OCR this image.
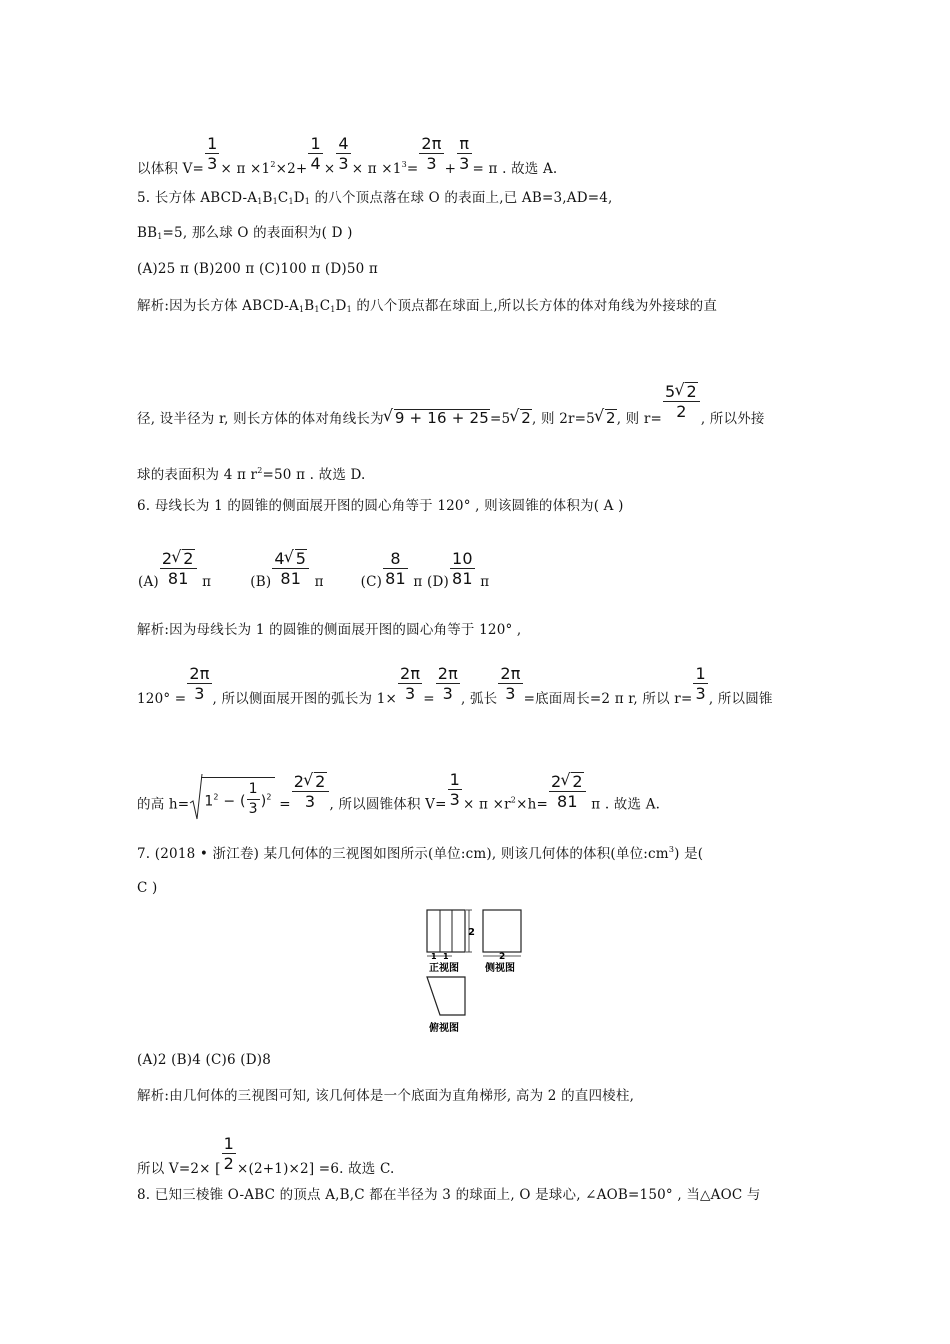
以体积 $V= \frac{1}{3} \times \pi \times 1^2\times 2+ \frac{1}{4} \times \frac{4}{3} \times \pi \times 1^3= \frac{2\pi}{3} + \frac{\pi}{3} = \pi$ . 故选 A.
5. 长方体 ABCD-$A_1B_1C_1D_1$ 的八个顶点落在球 O 的表面上,已 AB=3,AD=4,
$BB_1=5$, 那么球 O 的表面积为( D )
(A)25 π (B)200 π (C)100 π (D)50 π
解析:因为长方体 ABCD-$A_1B_1C_1D_1$ 的八个顶点都在球面上,所以长方体的体对角线为外接球的直
径, 设半径为 r, 则长方体的体对角线长为 √ 9 + 16 + 25=5 √ 2, 则 2r=5 √ 2, 则 $r= \frac{5 √ 2}{2}$ , 所以外接
球的表面积为 4 π $r^2=50$ π . 故选 D.
6. 母线长为 1 的圆锥的侧面展开图的圆心角等于 120° , 则该圆锥的体积为( A )
$(A) \frac{2 √ 2}{81}$ π	$(B) \frac{4 √ 5}{81}$ π	$(C) \frac{8}{81}$ π $(D) \frac{10}{81}$ π
解析:因为母线长为 1 的圆锥的侧面展开图的圆心角等于 120° ,
$120^\circ = \frac{2\pi}{3}$ , 所以侧面展开图的弧长为 $1\times \frac{2\pi}{3} = \frac{2\pi}{3}$ , 弧长 $\frac{2\pi}{3}$ =底面周长=2 π r, 所以 $r= \frac{1}{3}$ , 所以圆锥
的高 $h= 1^2$ − ( $\frac{1}{3} )^2 = \frac{2 √ 2}{3}$ , 所以圆锥体积 $V= \frac{1}{3} \times \pi \times r^2\times h= \frac{2 √ 2}{81}$ π . 故选 A.
7. (2018 • 浙江卷) 某几何体的三视图如图所示(单位:cm), 则该几何体的体积(单位$:cm^3$) 是(
C )
2
1 1
正视图
2
侧视图
俯视图
(A)2 (B)4 (C)6 (D)8
解析:由几何体的三视图可知, 该几何体是一个底面为直角梯形, 高为 2 的直四棱柱,
所以 V=2× [ $\frac{1}{2} \times(2+1)\times 2] =6$. 故选 C.
8. 已知三棱锥 O-ABC 的顶点 A,B,C 都在半径为 3 的球面上, O 是球心, ∠AOB=150° , 当△AOC 与
